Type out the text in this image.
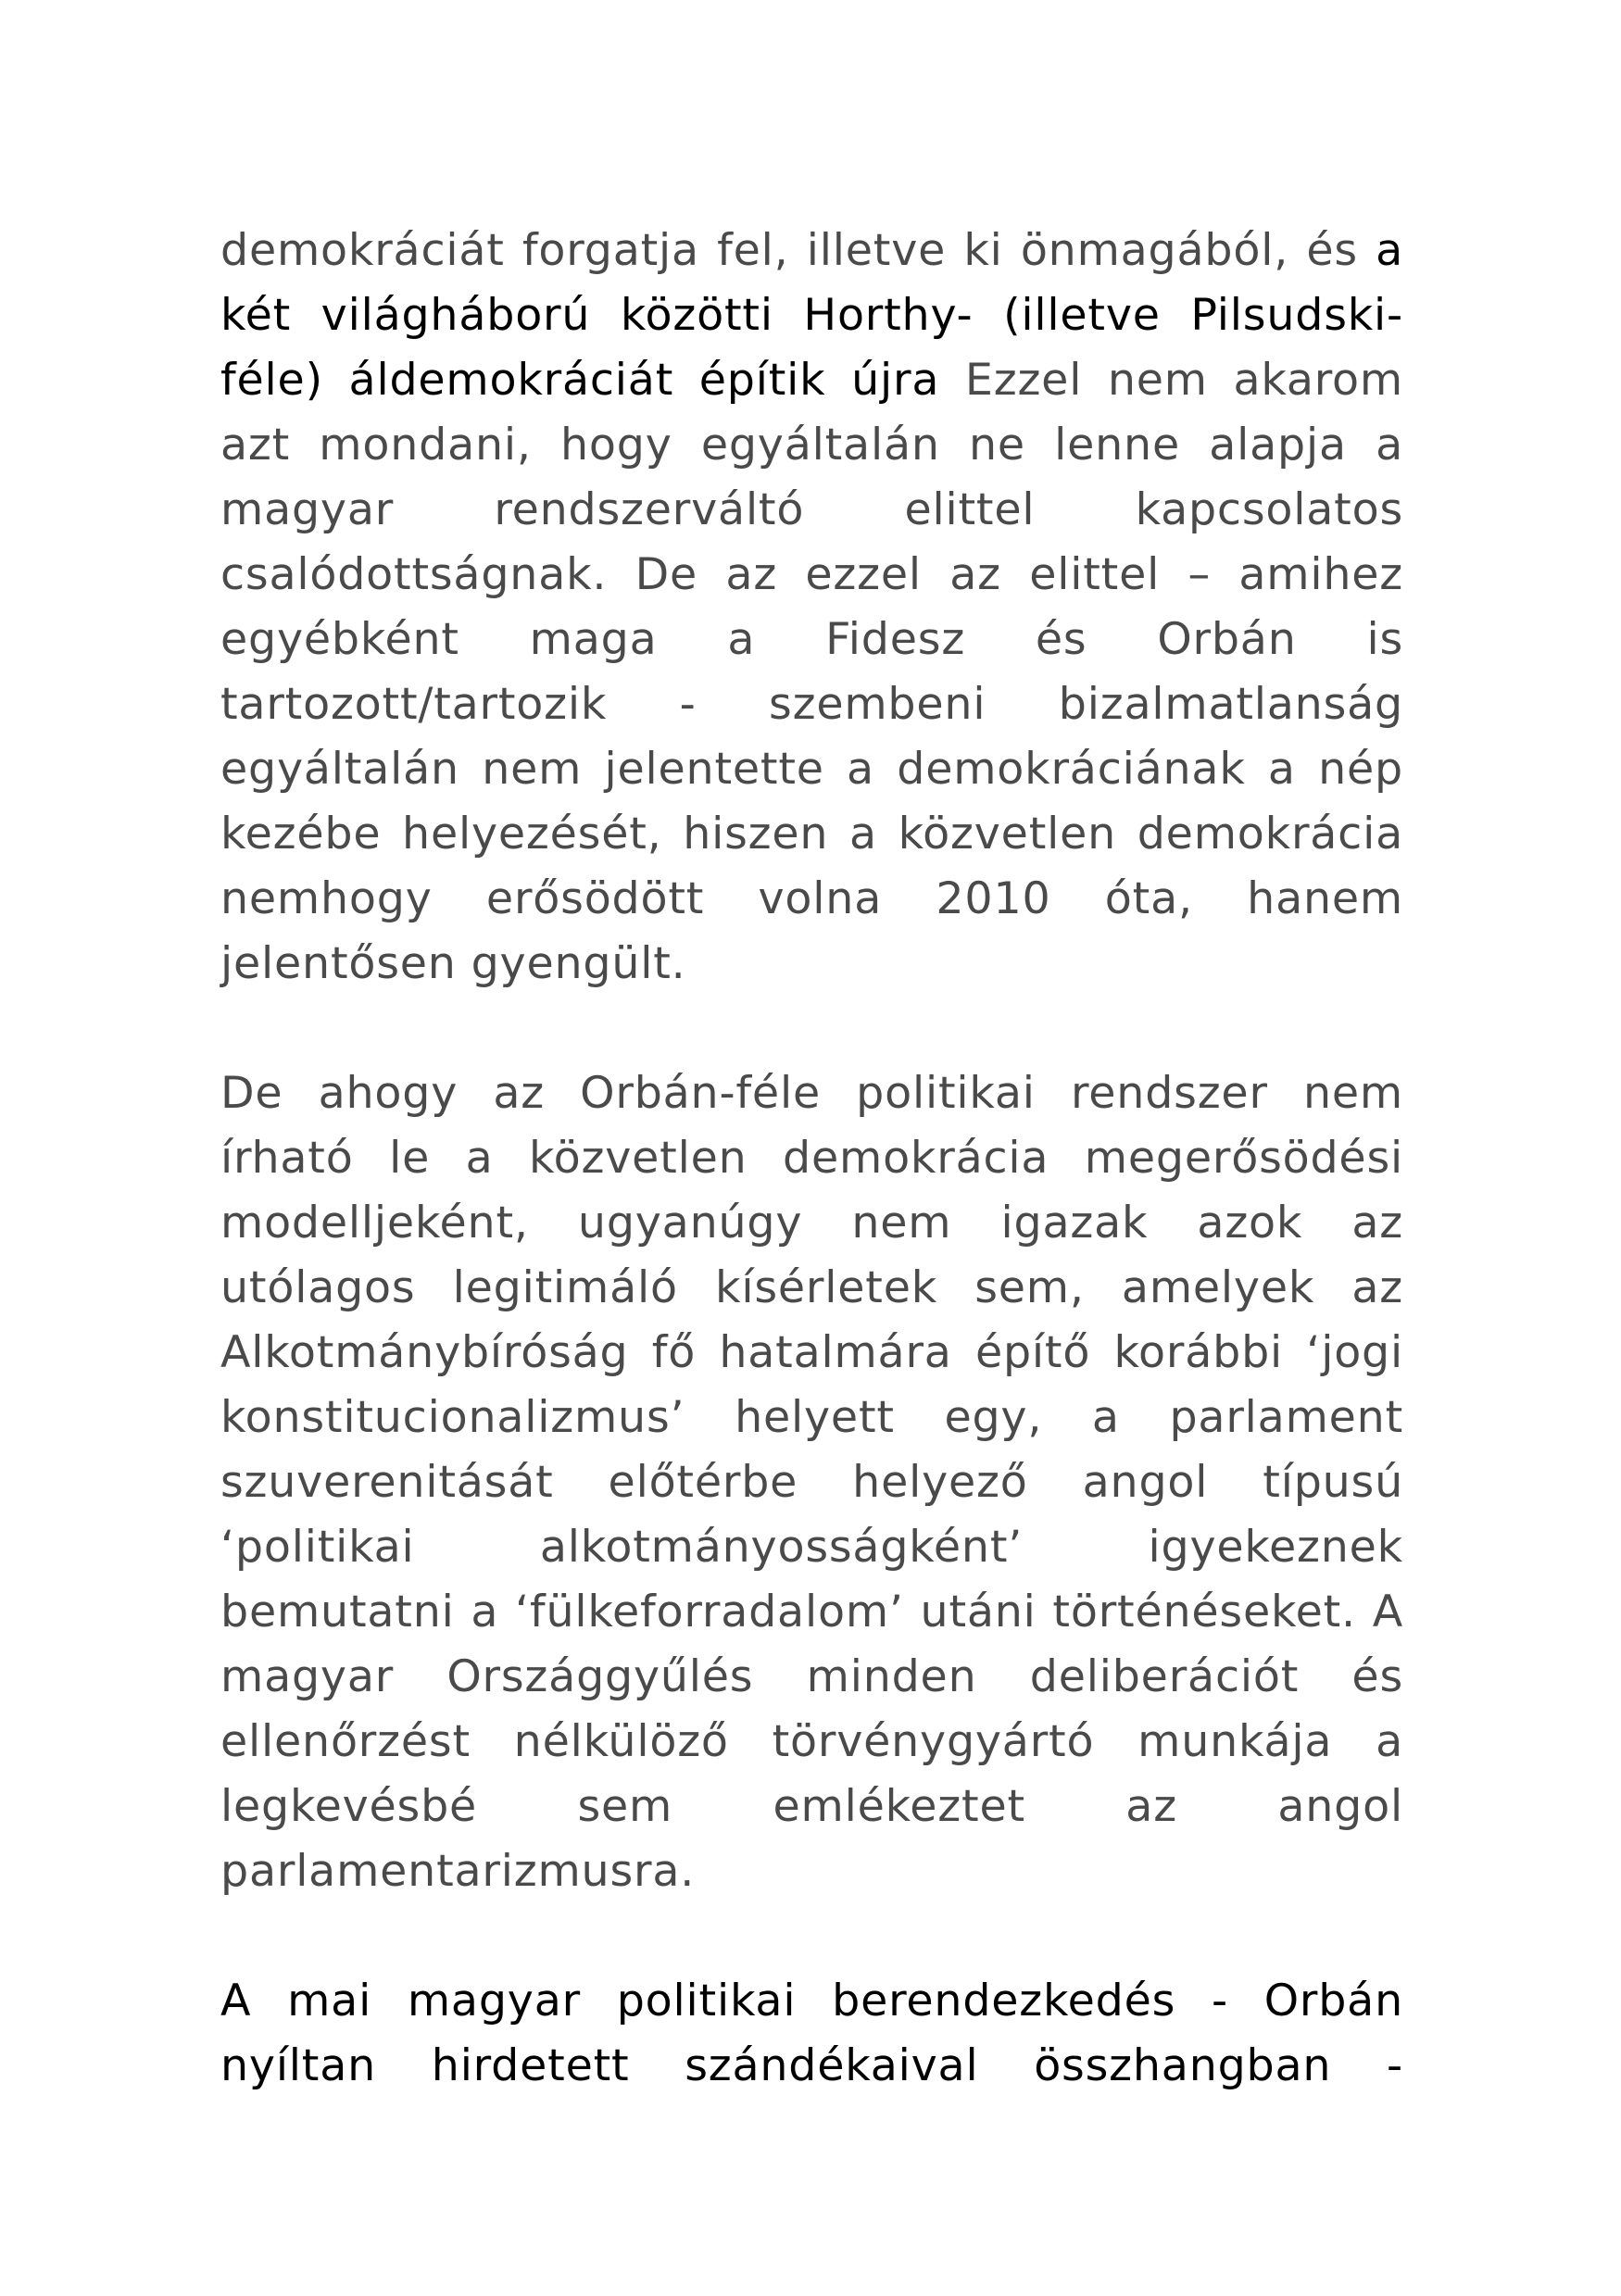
demokráciát forgatja fel, illetve ki önmagából, és a két világháború közötti Horthy- (illetve Pilsudski-féle) áldemokráciát építik újra Ezzel nem akarom azt mondani, hogy egyáltalán ne lenne alapja a magyar rendszerváltó elittel kapcsolatos csalódottságnak. De az ezzel az elittel – amihez egyébként maga a Fidesz és Orbán is tartozott/tartozik - szembeni bizalmatlanság egyáltalán nem jelentette a demokráciának a nép kezébe helyezését, hiszen a közvetlen demokrácia nemhogy erősödött volna 2010 óta, hanem jelentősen gyengült.

De ahogy az Orbán-féle politikai rendszer nem írható le a közvetlen demokrácia megerősödési modelljeként, ugyanúgy nem igazak azok az utólagos legitimáló kísérletek sem, amelyek az Alkotmánybíróság fő hatalmára építő korábbi ‘jogi konstitucionalizmus’ helyett egy, a parlament szuverenitását előtérbe helyező angol típusú ‘politikai alkotmányosságként’ igyekeznek bemutatni a ‘fülkeforradalom’ utáni történéseket. A magyar Országgyűlés minden deliberációt és ellenőrzést nélkülöző törvénygyártó munkája a legkevésbé sem emlékeztet az angol parlamentarizmusra.

A mai magyar politikai berendezkedés - Orbán nyíltan hirdetett szándékaival összhangban -
